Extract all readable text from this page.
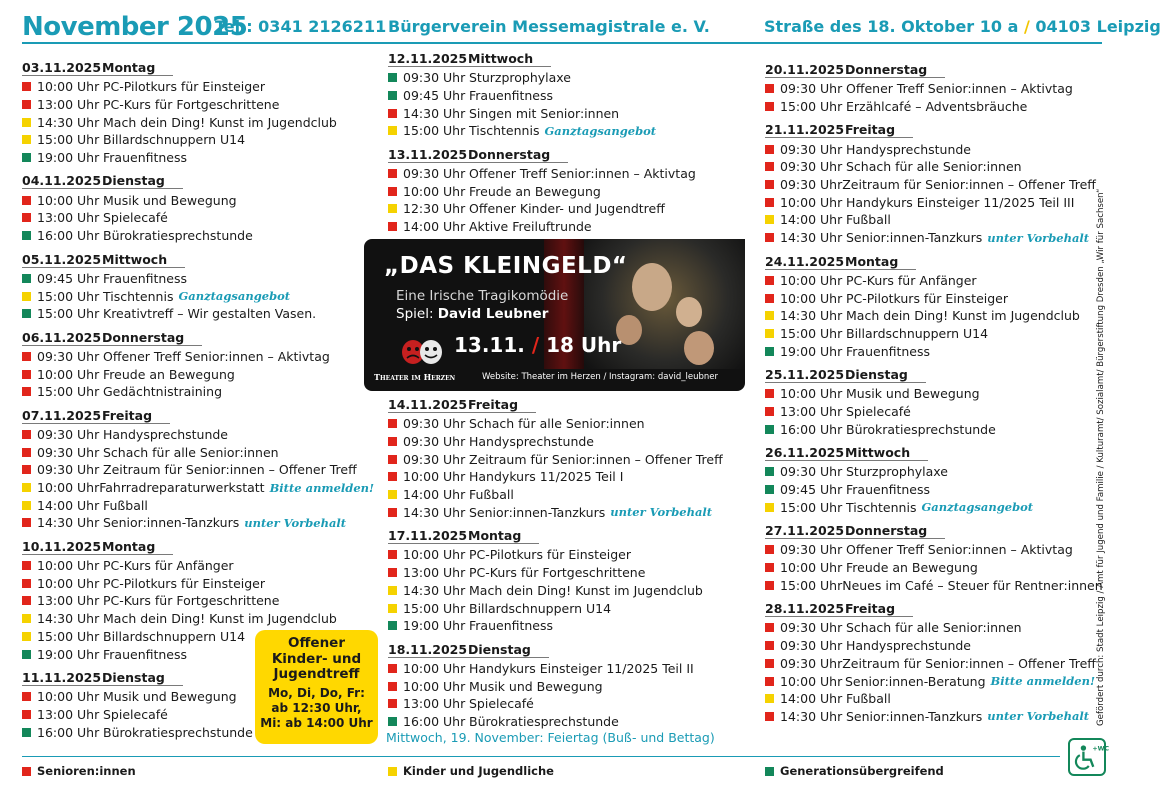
November 2025
Tel.: 0341 2126211 Bürgerverein Messemagistrale e. V.	Straße des 18. Oktober 10 a / 04103 Leipzig
03.11.2025Montag
10:00 Uhr PC-Pilotkurs für Einsteiger
13:00 Uhr PC-Kurs für Fortgeschrittene
14:30 Uhr Mach dein Ding! Kunst im Jugendclub
15:00 Uhr Billardschnuppern U14
19:00 Uhr Frauenfitness
04.11.2025Dienstag
10:00 Uhr Musik und Bewegung
13:00 Uhr Spielecafé
16:00 Uhr Bürokratiesprechstunde
05.11.2025Mittwoch
09:45 Uhr Frauenfitness
15:00 Uhr Tischtennis Ganztagsangebot
15:00 Uhr Kreativtreff – Wir gestalten Vasen.
06.11.2025Donnerstag
09:30 Uhr Offener Treff Senior:innen – Aktivtag
10:00 Uhr Freude an Bewegung
15:00 Uhr Gedächtnistraining
07.11.2025Freitag
09:30 Uhr Handysprechstunde
09:30 Uhr Schach für alle Senior:innen
09:30 Uhr Zeitraum für Senior:innen – Offener Treff
10:00 Uhr Fahrradreparaturwerkstatt Bitte anmelden!
14:00 Uhr Fußball
14:30 Uhr Senior:innen-Tanzkurs unter Vorbehalt
10.11.2025Montag
10:00 Uhr PC-Kurs für Anfänger
10:00 Uhr PC-Pilotkurs für Einsteiger
13:00 Uhr PC-Kurs für Fortgeschrittene
14:30 Uhr Mach dein Ding! Kunst im Jugendclub
15:00 Uhr Billardschnuppern U14
19:00 Uhr Frauenfitness
11.11.2025Dienstag
10:00 Uhr Musik und Bewegung
13:00 Uhr Spielecafé
16:00 Uhr Bürokratiesprechstunde
12.11.2025Mittwoch
09:30 Uhr Sturzprophylaxe
09:45 Uhr Frauenfitness
14:30 Uhr Singen mit Senior:innen
15:00 Uhr Tischtennis Ganztagsangebot
13.11.2025Donnerstag
09:30 Uhr Offener Treff Senior:innen – Aktivtag
10:00 Uhr Freude an Bewegung
12:30 Uhr Offener Kinder- und Jugendtreff
14:00 Uhr Aktive Freiluftrunde
14.11.2025Freitag
09:30 Uhr Schach für alle Senior:innen
09:30 Uhr Handysprechstunde
09:30 Uhr Zeitraum für Senior:innen – Offener Treff
10:00 Uhr Handykurs 11/2025 Teil I
14:00 Uhr Fußball
14:30 Uhr Senior:innen-Tanzkurs unter Vorbehalt
17.11.2025Montag
10:00 Uhr PC-Pilotkurs für Einsteiger
13:00 Uhr PC-Kurs für Fortgeschrittene
14:30 Uhr Mach dein Ding! Kunst im Jugendclub
15:00 Uhr Billardschnuppern U14
19:00 Uhr Frauenfitness
18.11.2025Dienstag
10:00 Uhr Handykurs Einsteiger 11/2025 Teil II
10:00 Uhr Musik und Bewegung
13:00 Uhr Spielecafé
16:00 Uhr Bürokratiesprechstunde
20.11.2025Donnerstag
09:30 Uhr Offener Treff Senior:innen – Aktivtag
15:00 Uhr Erzählcafé – Adventsbräuche
21.11.2025Freitag
09:30 Uhr Handysprechstunde
09:30 Uhr Schach für alle Senior:innen
09:30 Uhr Zeitraum für Senior:innen – Offener Treff
10:00 Uhr Handykurs Einsteiger 11/2025 Teil III
14:00 Uhr Fußball
14:30 Uhr Senior:innen-Tanzkurs unter Vorbehalt
24.11.2025Montag
10:00 Uhr PC-Kurs für Anfänger
10:00 Uhr PC-Pilotkurs für Einsteiger
14:30 Uhr Mach dein Ding! Kunst im Jugendclub
15:00 Uhr Billardschnuppern U14
19:00 Uhr Frauenfitness
25.11.2025Dienstag
10:00 Uhr Musik und Bewegung
13:00 Uhr Spielecafé
16:00 Uhr Bürokratiesprechstunde
26.11.2025Mittwoch
09:30 Uhr Sturzprophylaxe
09:45 Uhr Frauenfitness
15:00 Uhr Tischtennis Ganztagsangebot
27.11.2025Donnerstag
09:30 Uhr Offener Treff Senior:innen – Aktivtag
10:00 Uhr Freude an Bewegung
15:00 Uhr Neues im Café – Steuer für Rentner:innen
28.11.2025Freitag
09:30 Uhr Schach für alle Senior:innen
09:30 Uhr Handysprechstunde
09:30 Uhr Zeitraum für Senior:innen – Offener Treff
10:00 Uhr Senior:innen-Beratung Bitte anmelden!
14:00 Uhr Fußball
14:30 Uhr Senior:innen-Tanzkurs unter Vorbehalt
Mittwoch, 19. November: Feiertag (Buß- und Bettag)
„DAS KLEINGELD“
Eine Irische Tragikomödie
Spiel: David Leubner
13.11. / 18 Uhr
Theater im Herzen	Website: Theater im Herzen / Instagram: david_leubner
Offener
Kinder- und
Jugendtreff
Mo, Di, Do, Fr:
ab 12:30 Uhr,
Mi: ab 14:00 Uhr
Senioren:innen	Kinder und Jugendliche	Generationsübergreifend
Gefördert durch: Stadt Leipzig / Amt für Jugend und Familie / Kulturamt/ Sozialamt/ Bürgerstiftung Dresden „Wir für Sachsen“
+WC
